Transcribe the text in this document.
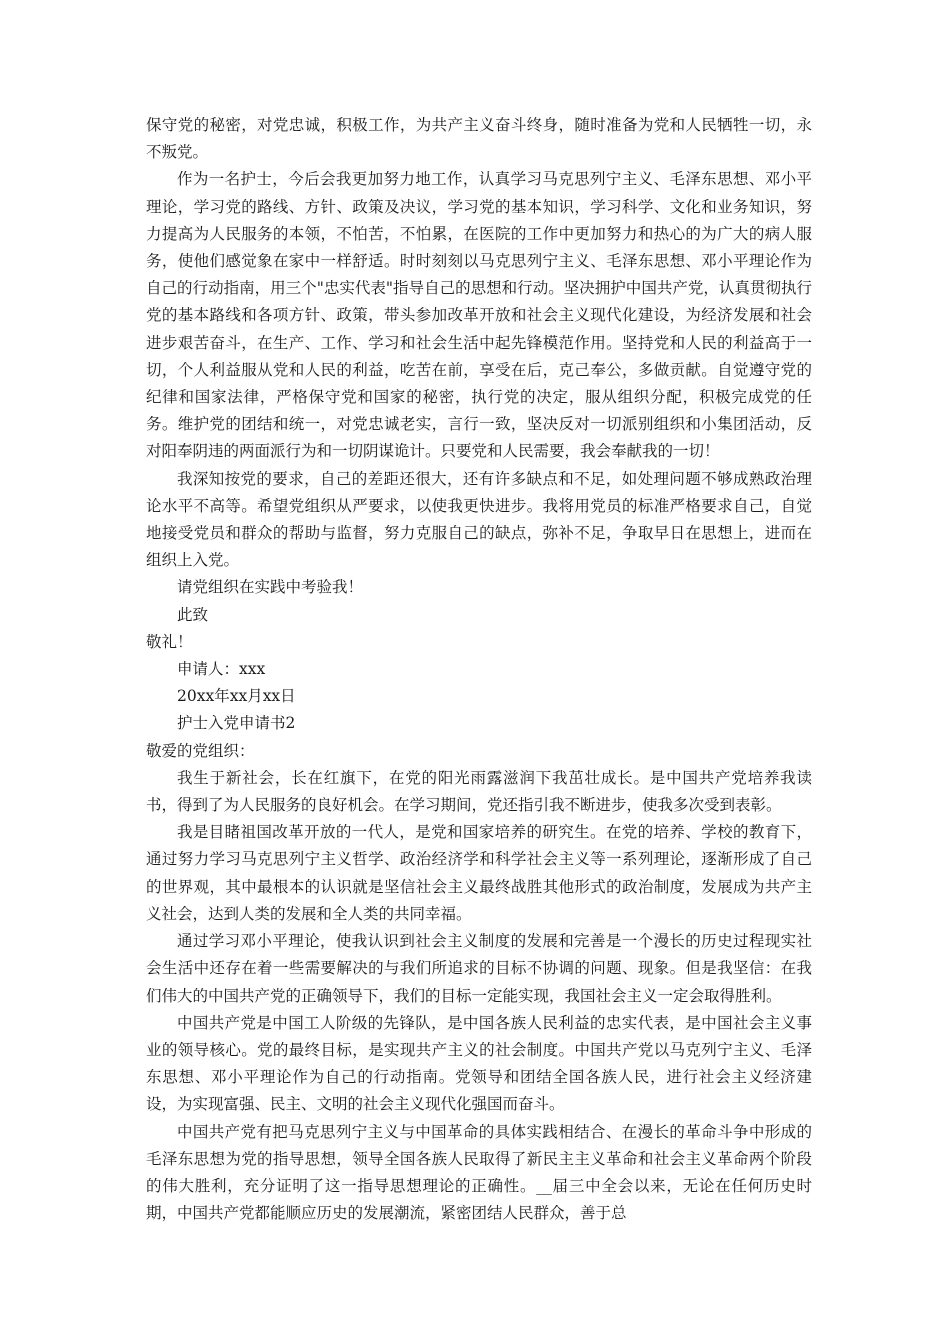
保守党的秘密，对党忠诚，积极工作，为共产主义奋斗终身，随时准备为党和人民牺牲一切，永不叛党。

作为一名护士，今后会我更加努力地工作，认真学习马克思列宁主义、毛泽东思想、邓小平理论，学习党的路线、方针、政策及决议，学习党的基本知识，学习科学、文化和业务知识，努力提高为人民服务的本领，不怕苦，不怕累，在医院的工作中更加努力和热心的为广大的病人服务，使他们感觉象在家中一样舒适。时时刻刻以马克思列宁主义、毛泽东思想、邓小平理论作为自己的行动指南，用三个"忠实代表"指导自己的思想和行动。坚决拥护中国共产党，认真贯彻执行党的基本路线和各项方针、政策，带头参加改革开放和社会主义现代化建设，为经济发展和社会进步艰苦奋斗，在生产、工作、学习和社会生活中起先锋模范作用。坚持党和人民的利益高于一切，个人利益服从党和人民的利益，吃苦在前，享受在后，克己奉公，多做贡献。自觉遵守党的纪律和国家法律，严格保守党和国家的秘密，执行党的决定，服从组织分配，积极完成党的任务。维护党的团结和统一，对党忠诚老实，言行一致，坚决反对一切派别组织和小集团活动，反对阳奉阴违的两面派行为和一切阴谋诡计。只要党和人民需要，我会奉献我的一切！

我深知按党的要求，自己的差距还很大，还有许多缺点和不足，如处理问题不够成熟政治理论水平不高等。希望党组织从严要求，以使我更快进步。我将用党员的标准严格要求自己，自觉地接受党员和群众的帮助与监督，努力克服自己的缺点，弥补不足，争取早日在思想上，进而在组织上入党。

请党组织在实践中考验我！

此致

敬礼！

申请人：xxx

20xx年xx月xx日

护士入党申请书2

敬爱的党组织：

我生于新社会，长在红旗下，在党的阳光雨露滋润下我茁壮成长。是中国共产党培养我读书，得到了为人民服务的良好机会。在学习期间，党还指引我不断进步，使我多次受到表彰。

我是目睹祖国改革开放的一代人，是党和国家培养的研究生。在党的培养、学校的教育下，通过努力学习马克思列宁主义哲学、政治经济学和科学社会主义等一系列理论，逐渐形成了自己的世界观，其中最根本的认识就是坚信社会主义最终战胜其他形式的政治制度，发展成为共产主义社会，达到人类的发展和全人类的共同幸福。

通过学习邓小平理论，使我认识到社会主义制度的发展和完善是一个漫长的历史过程现实社会生活中还存在着一些需要解决的与我们所追求的目标不协调的问题、现象。但是我坚信：在我们伟大的中国共产党的正确领导下，我们的目标一定能实现，我国社会主义一定会取得胜利。

中国共产党是中国工人阶级的先锋队，是中国各族人民利益的忠实代表，是中国社会主义事业的领导核心。党的最终目标，是实现共产主义的社会制度。中国共产党以马克列宁主义、毛泽东思想、邓小平理论作为自己的行动指南。党领导和团结全国各族人民，进行社会主义经济建设，为实现富强、民主、文明的社会主义现代化强国而奋斗。

中国共产党有把马克思列宁主义与中国革命的具体实践相结合、在漫长的革命斗争中形成的毛泽东思想为党的指导思想，领导全国各族人民取得了新民主主义革命和社会主义革命两个阶段的伟大胜利，充分证明了这一指导思想理论的正确性。__届三中全会以来，无论在任何历史时期，中国共产党都能顺应历史的发展潮流，紧密团结人民群众，善于总
